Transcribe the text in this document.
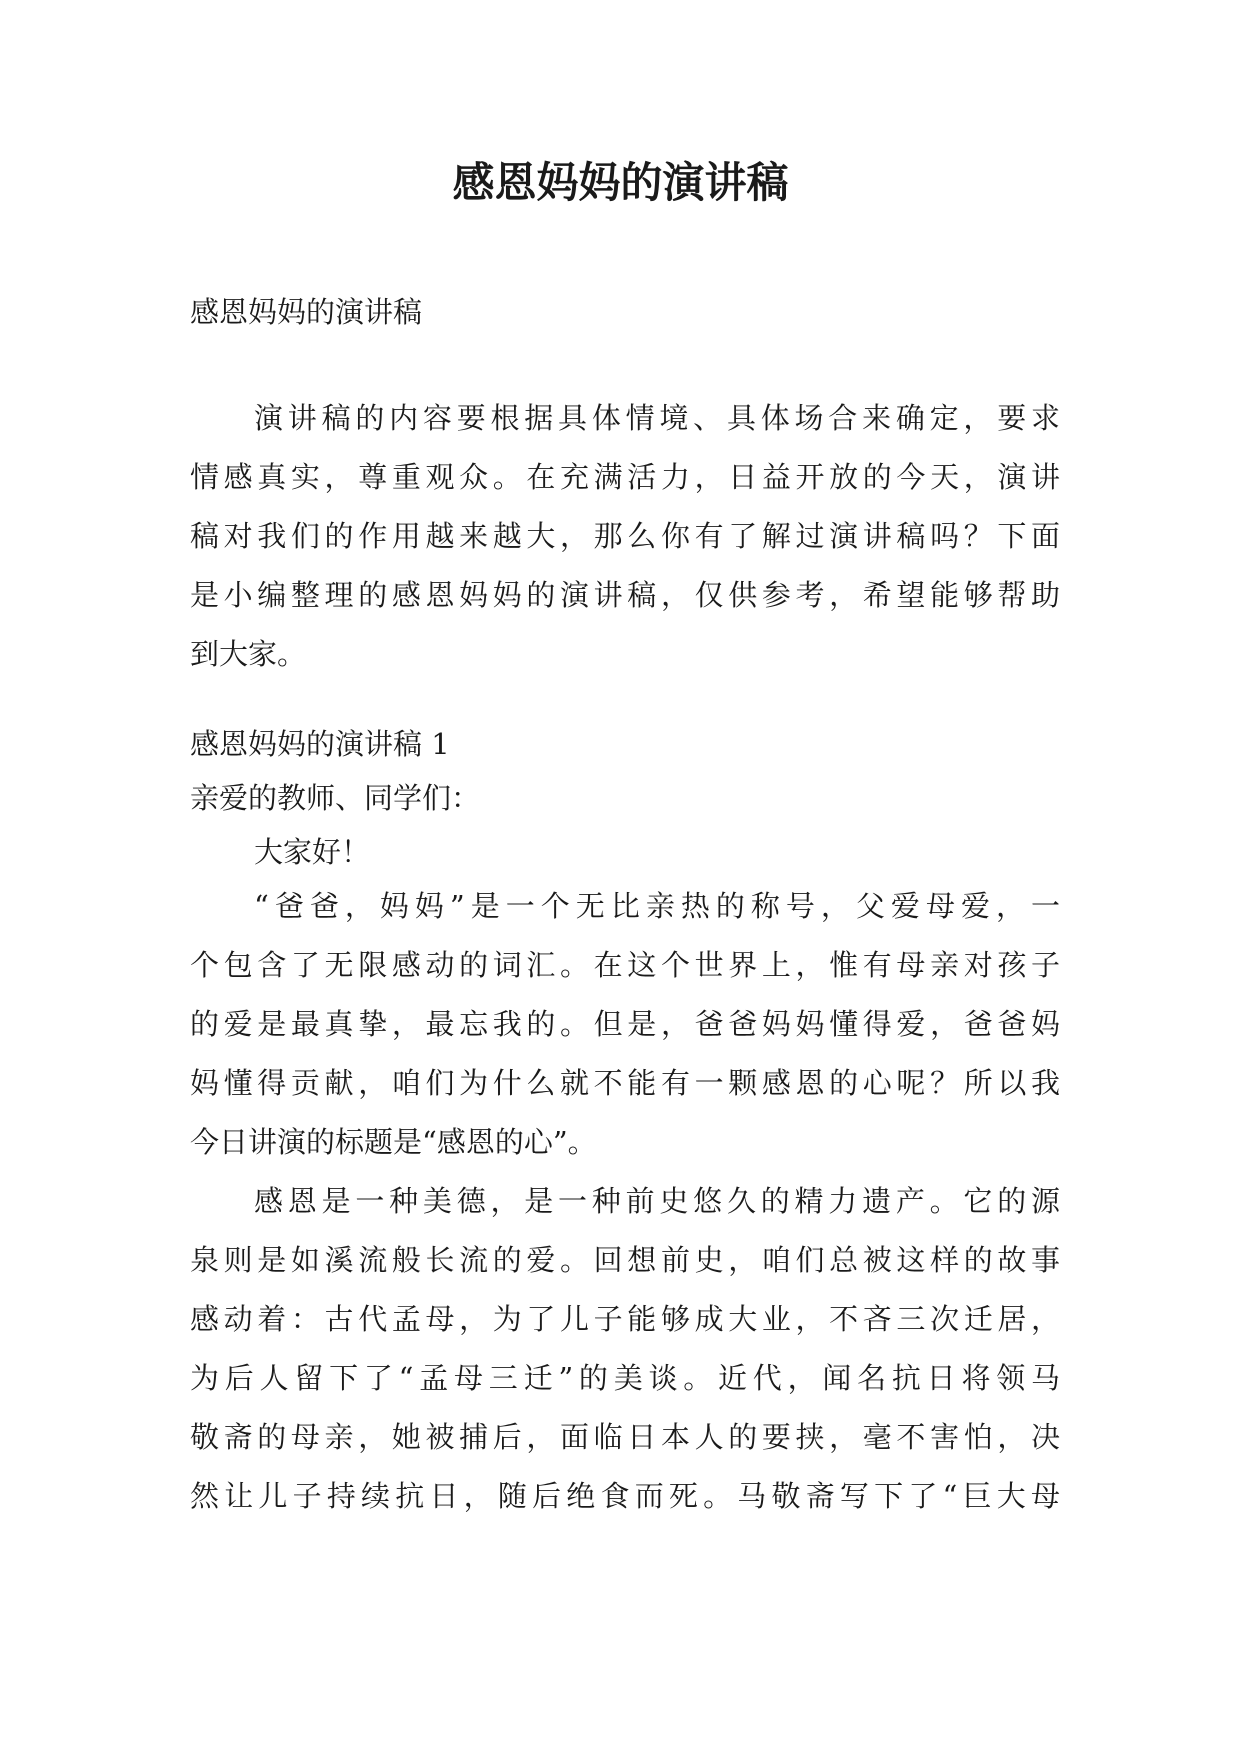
感恩妈妈的演讲稿

感恩妈妈的演讲稿

演讲稿的内容要根据具体情境、具体场合来确定，要求
情感真实，尊重观众。在充满活力，日益开放的今天，演讲
稿对我们的作用越来越大，那么你有了解过演讲稿吗？下面
是小编整理的感恩妈妈的演讲稿，仅供参考，希望能够帮助
到大家。

感恩妈妈的演讲稿 1

亲爱的教师、同学们：

大家好！

“爸爸，妈妈”是一个无比亲热的称号，父爱母爱，一
个包含了无限感动的词汇。在这个世界上，惟有母亲对孩子
的爱是最真挚，最忘我的。但是，爸爸妈妈懂得爱，爸爸妈
妈懂得贡献，咱们为什么就不能有一颗感恩的心呢？所以我
今日讲演的标题是“感恩的心”。
感恩是一种美德，是一种前史悠久的精力遗产。它的源
泉则是如溪流般长流的爱。回想前史，咱们总被这样的故事
感动着：古代孟母，为了儿子能够成大业，不吝三次迁居，
为后人留下了“孟母三迁”的美谈。近代，闻名抗日将领马
敬斋的母亲，她被捕后，面临日本人的要挟，毫不害怕，决
然让儿子持续抗日，随后绝食而死。马敬斋写下了“巨大母
